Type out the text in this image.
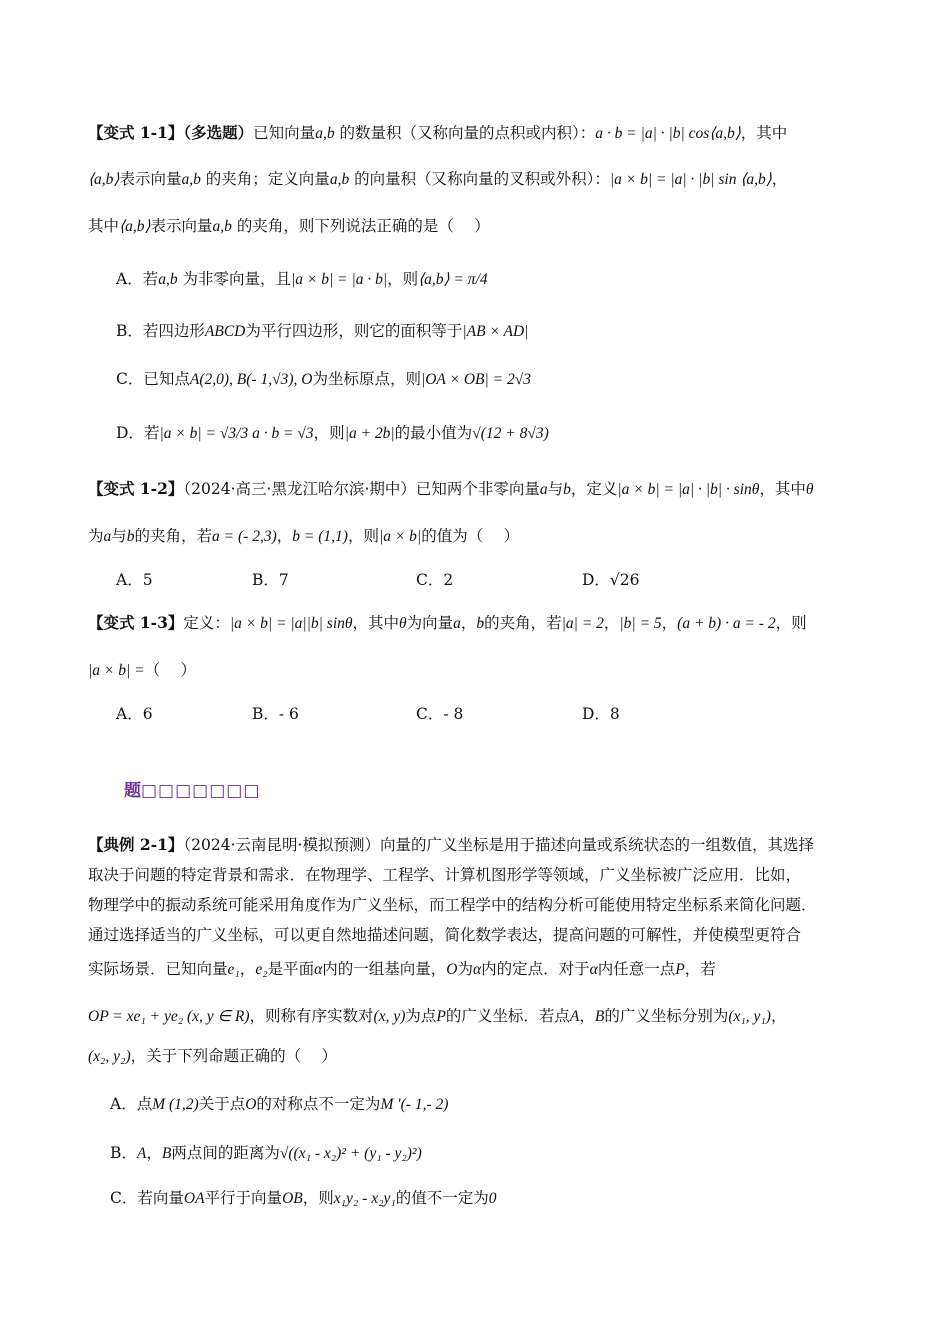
【变式 1-1】（多选题）已知向量a,b 的数量积（又称向量的点积或内积）：a · b = |a| · |b| cos⟨a,b⟩，其中
⟨a,b⟩表示向量a,b 的夹角；定义向量a,b 的向量积（又称向量的叉积或外积）：|a × b| = |a| · |b| sin ⟨a,b⟩，
其中⟨a,b⟩表示向量a,b 的夹角，则下列说法正确的是（　 ）
A．若a,b 为非零向量，且|a × b| = |a · b|，则⟨a,b⟩ = π/4
B．若四边形ABCD为平行四边形，则它的面积等于|AB × AD|
C．已知点A(2,0), B(- 1,√3), O为坐标原点，则|OA × OB| = 2√3
D．若|a × b| = √3/3 a · b = √3，则|a + 2b|的最小值为√(12 + 8√3)
【变式 1-2】（2024·高三·黑龙江哈尔滨·期中）已知两个非零向量a与b，定义|a × b| = |a| · |b| · sinθ，其中θ
为a与b的夹角，若a = (- 2,3)，b = (1,1)，则|a × b|的值为（　 ）
A．5	B．7	C．2	D．√26
【变式 1-3】定义：|a × b| = |a||b| sinθ，其中θ为向量a，b的夹角，若|a| = 2，|b| = 5，(a + b) · a = - 2，则
|a × b| =（　 ）
A．6	B．- 6	C．- 8	D．8
题□□□□□□□
【典例 2-1】（2024·云南昆明·模拟预测）向量的广义坐标是用于描述向量或系统状态的一组数值，其选择
取决于问题的特定背景和需求．在物理学、工程学、计算机图形学等领域，广义坐标被广泛应用．比如，
物理学中的振动系统可能采用角度作为广义坐标，而工程学中的结构分析可能使用特定坐标系来简化问题．
通过选择适当的广义坐标，可以更自然地描述问题，简化数学表达，提高问题的可解性，并使模型更符合
实际场景．已知向量e₁，e₂是平面α内的一组基向量，O为α内的定点．对于α内任意一点P，若
OP = xe₁ + ye₂ (x, y ∈ R)，则称有序实数对(x, y)为点P的广义坐标．若点A，B的广义坐标分别为(x₁, y₁)，
(x₂, y₂)，关于下列命题正确的（　 ）
A．点M (1,2)关于点O的对称点不一定为M ′(- 1,- 2)
B．A，B两点间的距离为√((x₁ - x₂)² + (y₁ - y₂)²)
C．若向量OA平行于向量OB，则x₁y₂ - x₂y₁的值不一定为0
